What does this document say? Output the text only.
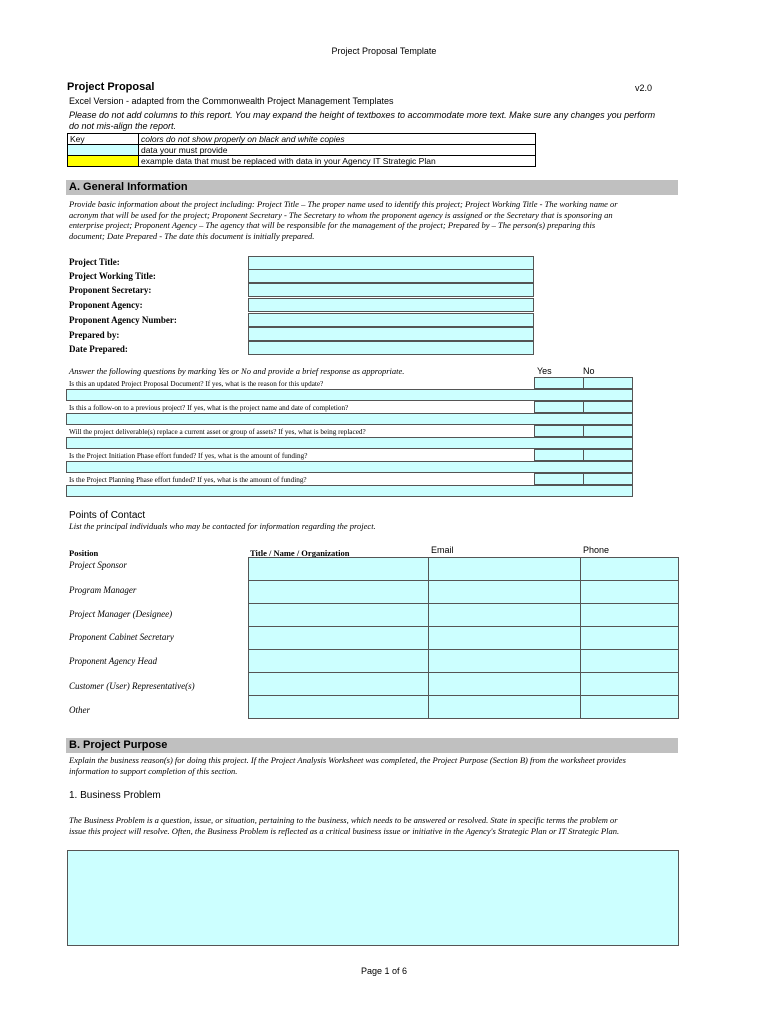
Project Proposal Template
Project Proposal	v2.0
Excel Version - adapted from the Commonwealth Project Management Templates
Please do not add columns to this report. You may expand the height of textboxes to accommodate more text. Make sure any changes you perform
do not mis-align the report.
Key	colors do not show properly on black and white copies
	data your must provide
	example data that must be replaced with data in your Agency IT Strategic Plan
A. General Information
Provide basic information about the project including: Project Title – The proper name used to identify this project; Project Working Title - The working name or
acronym that will be used for the project; Proponent Secretary - The Secretary to whom the proponent agency is assigned or the Secretary that is sponsoring an
enterprise project; Proponent Agency – The agency that will be responsible for the management of the project; Prepared by – The person(s) preparing this
document; Date Prepared - The date this document is initially prepared.
Project Title:
Project Working Title:
Proponent Secretary:
Proponent Agency:
Proponent Agency Number:
Prepared by:
Date Prepared:
Answer the following questions by marking Yes or No and provide a brief response as appropriate.	Yes	No
Is this an updated Project Proposal Document? If yes, what is the reason for this update?
Is this a follow-on to a previous project? If yes, what is the project name and date of completion?
Will the project deliverable(s) replace a current asset or group of assets? If yes, what is being replaced?
Is the Project Initiation Phase effort funded? If yes, what is the amount of funding?
Is the Project Planning Phase effort funded? If yes, what is the amount of funding?
Points of Contact
List the principal individuals who may be contacted for information regarding the project.
Position	Title / Name / Organization	Email	Phone
Project Sponsor
Program Manager
Project Manager (Designee)
Proponent Cabinet Secretary
Proponent Agency Head
Customer (User) Representative(s)
Other

B. Project Purpose
Explain the business reason(s) for doing this project. If the Project Analysis Worksheet was completed, the Project Purpose (Section B) from the worksheet provides
information to support completion of this section.
1. Business Problem
The Business Problem is a question, issue, or situation, pertaining to the business, which needs to be answered or resolved. State in specific terms the problem or
issue this project will resolve. Often, the Business Problem is reflected as a critical business issue or initiative in the Agency's Strategic Plan or IT Strategic Plan.
Page 1 of 6
